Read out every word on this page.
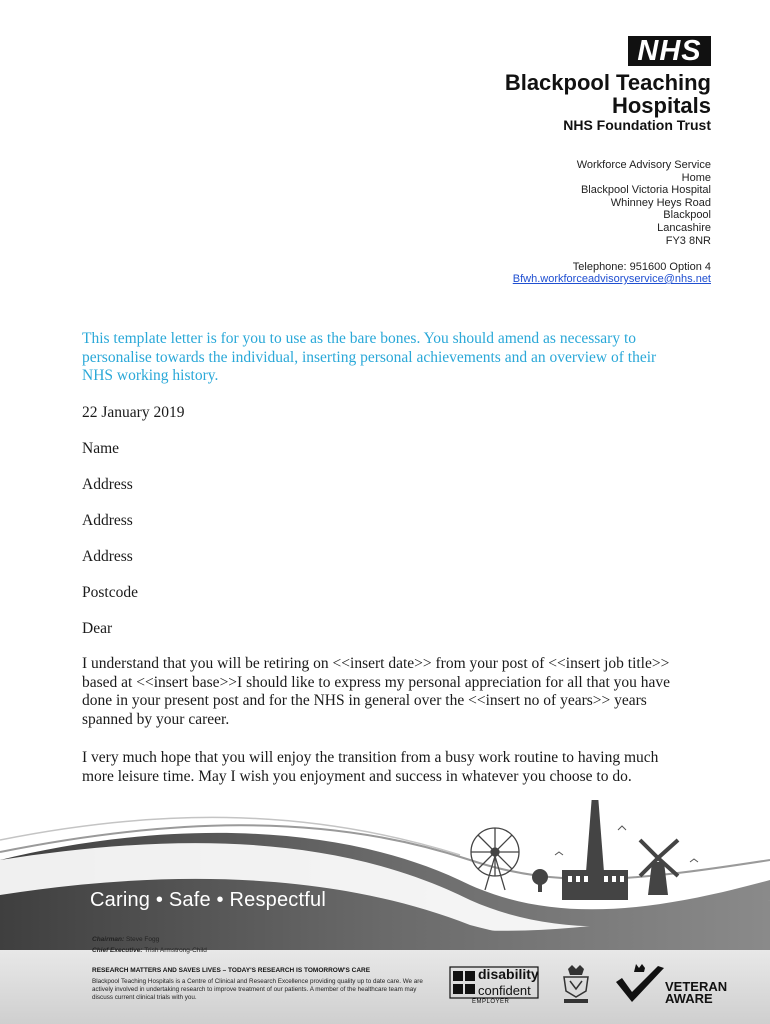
NHS
Blackpool Teaching
Hospitals
NHS Foundation Trust
Workforce Advisory Service
Home
Blackpool Victoria Hospital
Whinney Heys Road
Blackpool
Lancashire
FY3 8NR
Telephone: 951600 Option 4
Bfwh.workforceadvisoryservice@nhs.net
This template letter is for you to use as the bare bones. You should amend as necessary to personalise towards the individual, inserting personal achievements and an overview of their NHS working history.
22 January 2019
Name
Address
Address
Address
Postcode
Dear
I understand that you will be retiring on <<insert date>> from your post of <<insert job title>> based at <<insert base>>I should like to express my personal appreciation for all that you have done in your present post and for the NHS in general over the <<insert no of years>> years spanned by your career.
I very much hope that you will enjoy the transition from a busy work routine to having much more leisure time. May I wish you enjoyment and success in whatever you choose to do.
Caring • Safe • Respectful
Chairman: Steve Fogg
Chief Executive: Trish Armstrong-Child
RESEARCH MATTERS AND SAVES LIVES – TODAY'S RESEARCH IS TOMORROW'S CARE
Blackpool Teaching Hospitals is a Centre of Clinical and Research Excellence providing quality up to date care. We are actively involved in undertaking research to improve treatment of our patients. A member of the healthcare team may discuss current clinical trials with you.
disability
confident
EMPLOYER
VETERAN
AWARE
